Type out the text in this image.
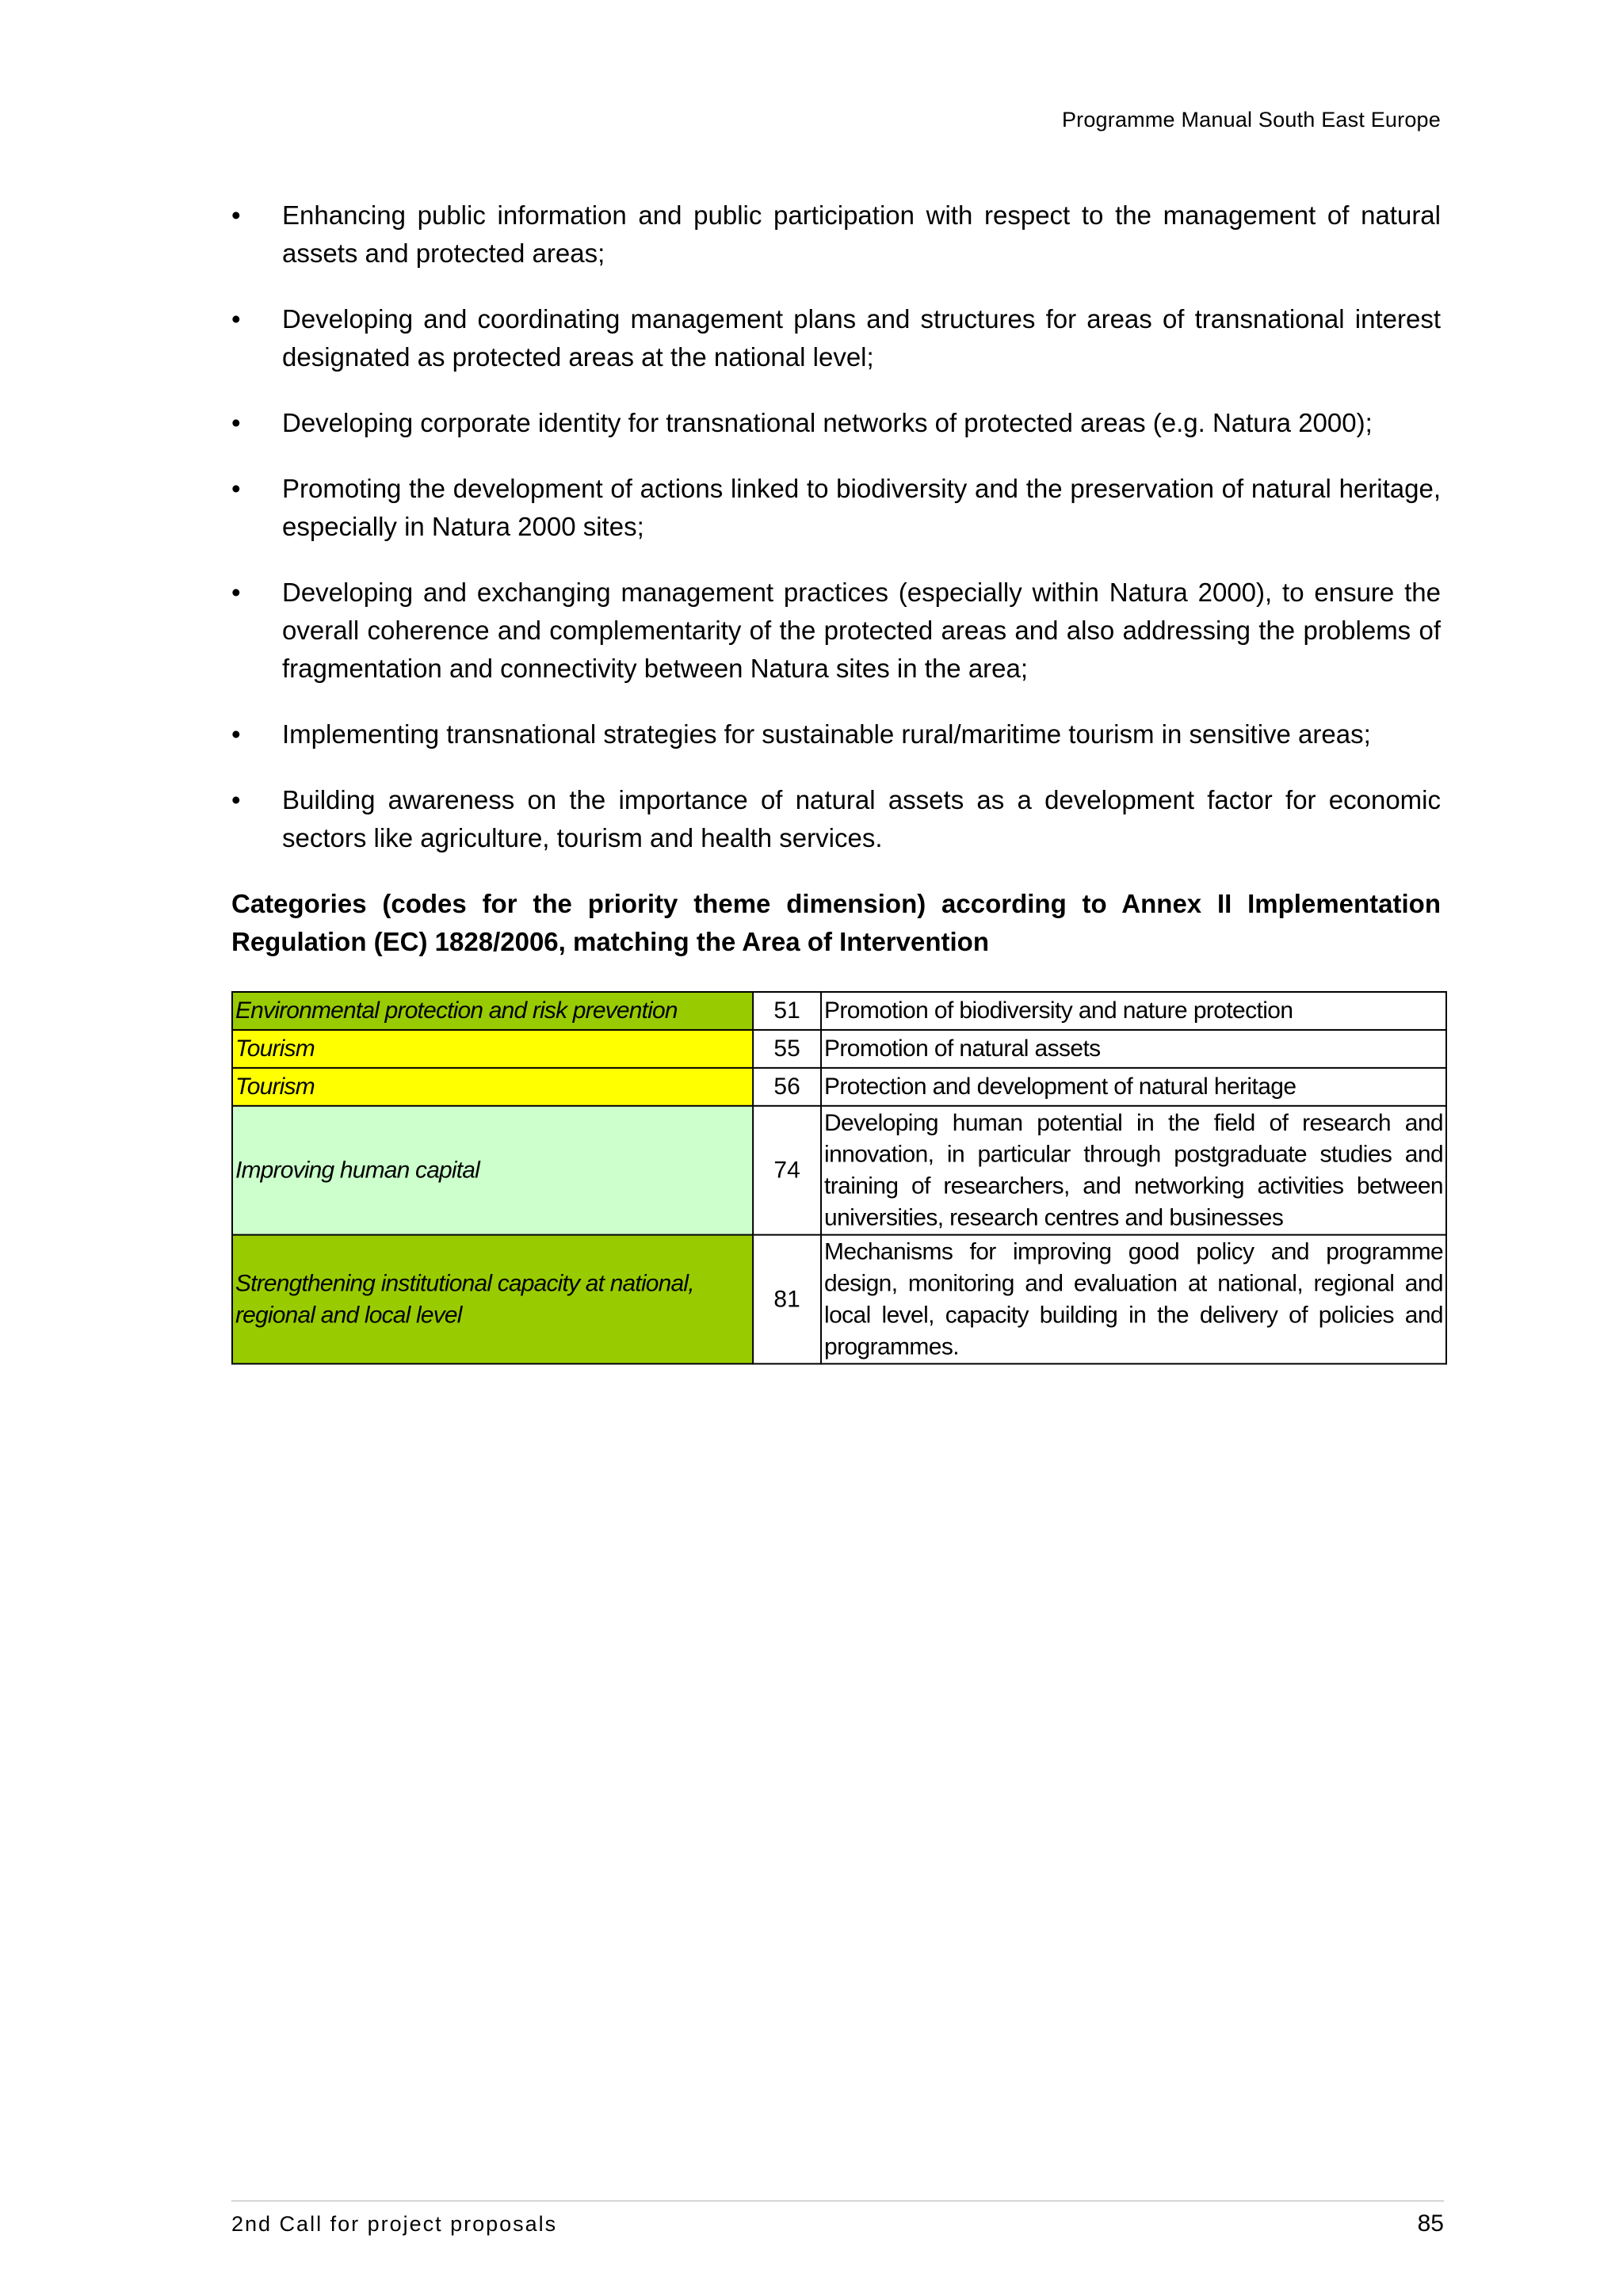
Programme Manual South East Europe
• Enhancing public information and public participation with respect to the management of natural assets and protected areas;
• Developing and coordinating management plans and structures for areas of transnational interest designated as protected areas at the national level;
• Developing corporate identity for transnational networks of protected areas (e.g. Natura 2000);
• Promoting the development of actions linked to biodiversity and the preservation of natural heritage, especially in Natura 2000 sites;
• Developing and exchanging management practices (especially within Natura 2000), to ensure the overall coherence and complementarity of the protected areas and also addressing the problems of fragmentation and connectivity between Natura sites in the area;
• Implementing transnational strategies for sustainable rural/maritime tourism in sensitive areas;
• Building awareness on the importance of natural assets as a development factor for economic sectors like agriculture, tourism and health services.

Categories (codes for the priority theme dimension) according to Annex II Implementation Regulation (EC) 1828/2006, matching the Area of Intervention

Environmental protection and risk prevention	51	Promotion of biodiversity and nature protection
Tourism	55	Promotion of natural assets
Tourism	56	Protection and development of natural heritage
Improving human capital	74	Developing human potential in the field of research and innovation, in particular through postgraduate studies and training of researchers, and networking activities between universities, research centres and businesses
Strengthening institutional capacity at national, regional and local level	81	Mechanisms for improving good policy and programme design, monitoring and evaluation at national, regional and local level, capacity building in the delivery of policies and programmes.
2nd Call for project proposals	85
